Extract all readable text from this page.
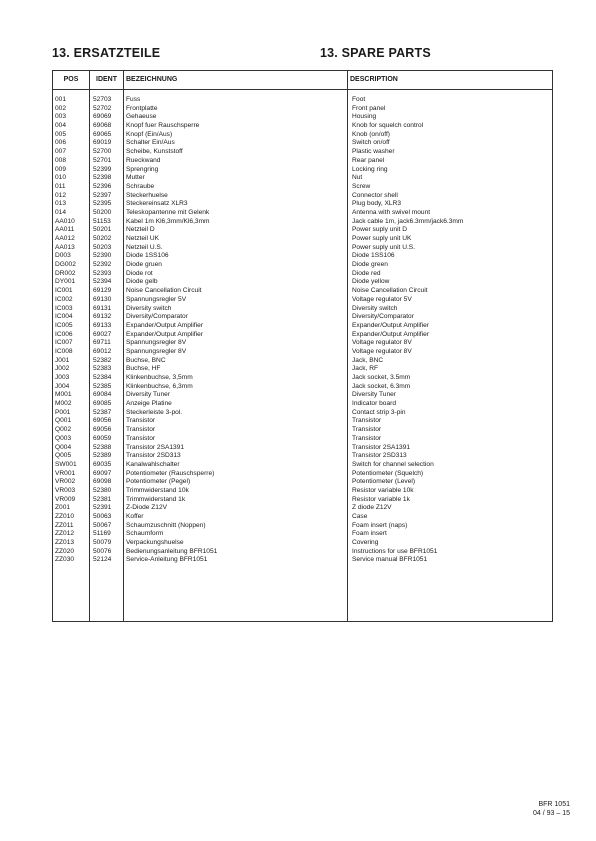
13. ERSATZTEILE	13. SPARE PARTS
POS	IDENT	BEZEICHNUNG	DESCRIPTION
001	52703	Fuss	Foot
002	52702	Frontplatte	Front panel
003	69069	Gehaeuse	Housing
004	69068	Knopf fuer Rauschsperre	Knob for squelch control
005	69065	Knopf (Ein/Aus)	Knob (on/off)
006	69019	Schalter Ein/Aus	Switch on/off
007	52700	Scheibe, Kunststoff	Plastic washer
008	52701	Rueckwand	Rear panel
009	52399	Sprengring	Locking ring
010	52398	Mutter	Nut
011	52396	Schraube	Screw
012	52397	Steckerhuelse	Connector shell
013	52395	Steckereinsatz XLR3	Plug body, XLR3
014	50200	Teleskopantenne mit Gelenk	Antenna with swivel mount
AA010	51153	Kabel 1m Kl6,3mm/Kl6,3mm	Jack cable 1m, jack6.3mm/jack6.3mm
AA011	50201	Netzteil D	Power suply unit D
AA012	50202	Netzteil UK	Power suply unit UK
AA013	50203	Netzteil U.S.	Power suply unit U.S.
D003	52390	Diode 1SS106	Diode 1SS106
DG002	52392	Diode gruen	Diode green
DR002	52393	Diode rot	Diode red
DY001	52394	Diode gelb	Diode yellow
IC001	69129	Noise Cancellation Circuit	Noise Cancellation Circuit
IC002	69130	Spannungsregler 5V	Voltage regulator 5V
IC003	69131	Diversity switch	Diversity switch
IC004	69132	Diversity/Comparator	Diversity/Comparator
IC005	69133	Expander/Output Amplifier	Expander/Output Amplifier
IC006	69027	Expander/Output Amplifier	Expander/Output Amplifier
IC007	69711	Spannungsregler 8V	Voltage regulator 8V
IC008	69012	Spannungsregler 8V	Voltage regulator 8V
J001	52382	Buchse, BNC	Jack, BNC
J002	52383	Buchse, HF	Jack, RF
J003	52384	Klinkenbuchse, 3,5mm	Jack socket, 3.5mm
J004	52385	Klinkenbuchse, 6,3mm	Jack socket, 6.3mm
M001	69084	Diversity Tuner	Diversity Tuner
M002	69085	Anzeige Platine	Indicator board
P001	52387	Steckerleiste 3-pol.	Contact strip 3-pin
Q001	69056	Transistor	Transistor
Q002	69056	Transistor	Transistor
Q003	69059	Transistor	Transistor
Q004	52388	Transistor 2SA1391	Transistor 2SA1391
Q005	52389	Transistor 2SD313	Transistor 2SD313
SW001	69035	Kanalwahlschalter	Switch for channel selection
VR001	69097	Potentiometer (Rauschsperre)	Potentiometer (Squelch)
VR002	69098	Potentiometer (Pegel)	Potentiometer (Level)
VR003	52380	Trimmwiderstand 10k	Resistor variable 10k
VR009	52381	Trimmwiderstand 1k	Resistor variable 1k
Z001	52391	Z-Diode Z12V	Z diode Z12V
ZZ010	50063	Koffer	Case
ZZ011	50067	Schaumzuschnitt (Noppen)	Foam insert (naps)
ZZ012	51169	Schaumform	Foam insert
ZZ013	50079	Verpackungshuelse	Covering
ZZ020	50076	Bedienungsanleitung BFR1051	Instructions for use BFR1051
ZZ030	52124	Service-Anleitung BFR1051	Service manual BFR1051
BFR 1051
04 / 93 – 15
